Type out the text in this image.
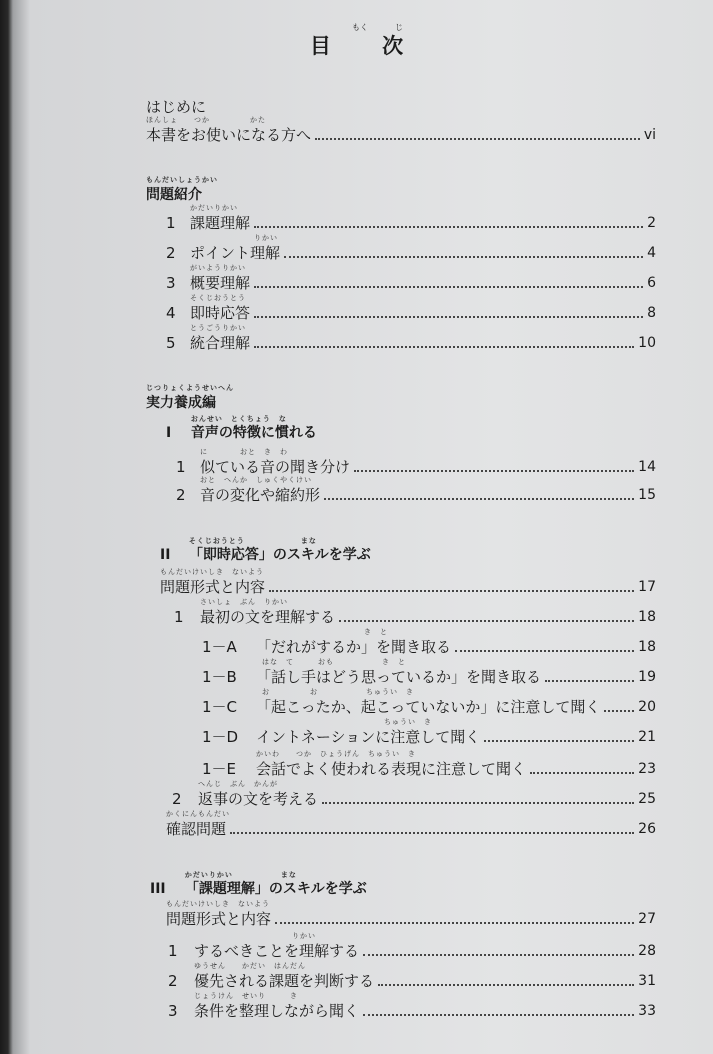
目 次
もく	じ
はじめに
ほんしょ　　つか　　　　　かた
本書をお使いになる方へ	vi
もんだいしょうかい
問題紹介
1
かだいりかい
課題理解	2
2
りかい
ポイント理解	4
3
がいようりかい
概要理解	6
4
そくじおうとう
即時応答	8
5
とうごうりかい
統合理解	10
じつりょくようせいへん
実力養成編
I
おんせい　とくちょう　な
音声の特徴に慣れる
1
に　　　　おと　き　わ
似ている音の聞き分け	14
2
おと　へんか　しゅくやくけい
音の変化や縮約形	15
II
そくじおうとう　　　　　　　まな
「即時応答」のスキルを学ぶ
もんだいけいしき　ないよう
問題形式と内容	17
1
さいしょ　ぶん　りかい
最初の文を理解する	18
1－A
き　と
「だれがするか」を聞き取る	18
1－B
はな　て　　　おも　　　　　　き　と
「話し手はどう思っているか」を聞き取る	19
1－C
お　　　　　お　　　　　　ちゅうい　き
「起こったか、起こっていないか」に注意して聞く	20
1－D
ちゅうい　き
イントネーションに注意して聞く	21
1－E
かいわ　　つか　ひょうげん　ちゅうい　き
会話でよく使われる表現に注意して聞く	23
2
へんじ　ぶん　かんが
返事の文を考える	25
かくにんもんだい
確認問題	26
III
かだいりかい　　　　　　まな
「課題理解」のスキルを学ぶ
もんだいけいしき　ないよう
問題形式と内容	27
1
りかい
するべきことを理解する	28
2
ゆうせん　　かだい　はんだん
優先される課題を判断する	31
3
じょうけん　せいり　　　き
条件を整理しながら聞く	33
